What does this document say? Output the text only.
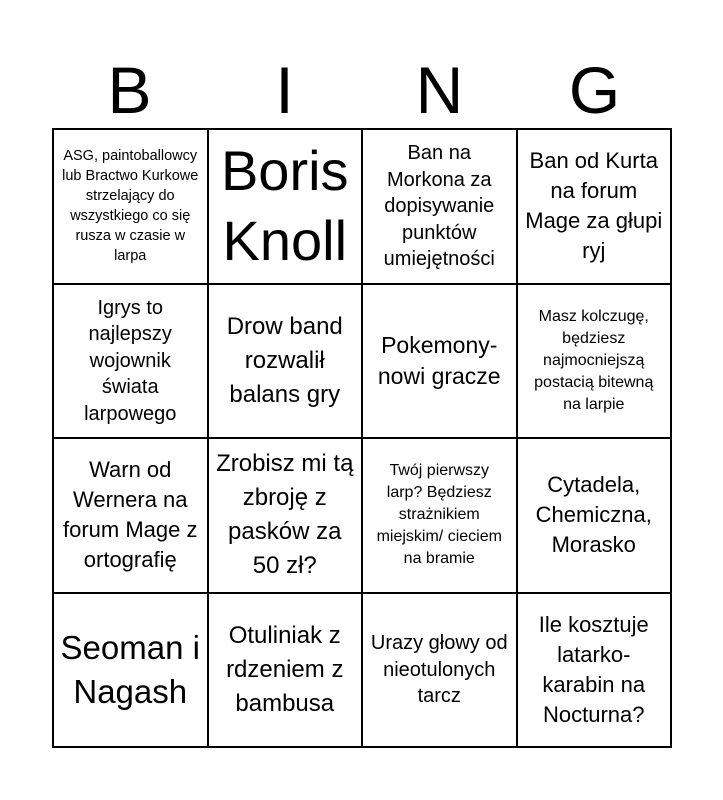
B	I	N	G
ASG, paintoballowcy lub Bractwo Kurkowe strzelający do wszystkiego co się rusza w czasie w larpa
Boris Knoll
Ban na Morkona za dopisywanie punktów umiejętności
Ban od Kurta na forum Mage za głupi ryj
Igrys to najlepszy wojownik świata larpowego
Drow band rozwalił balans gry
Pokemony- nowi gracze
Masz kolczugę, będziesz najmocniejszą postacią bitewną na larpie
Warn od Wernera na forum Mage z ortografię
Zrobisz mi tą zbroję z pasków za 50 zł?
Twój pierwszy larp? Będziesz strażnikiem miejskim/ cieciem na bramie
Cytadela, Chemiczna, Morasko
Seoman i Nagash
Otuliniak z rdzeniem z bambusa
Urazy głowy od nieotulonych tarcz
Ile kosztuje latarko-karabin na Nocturna?
